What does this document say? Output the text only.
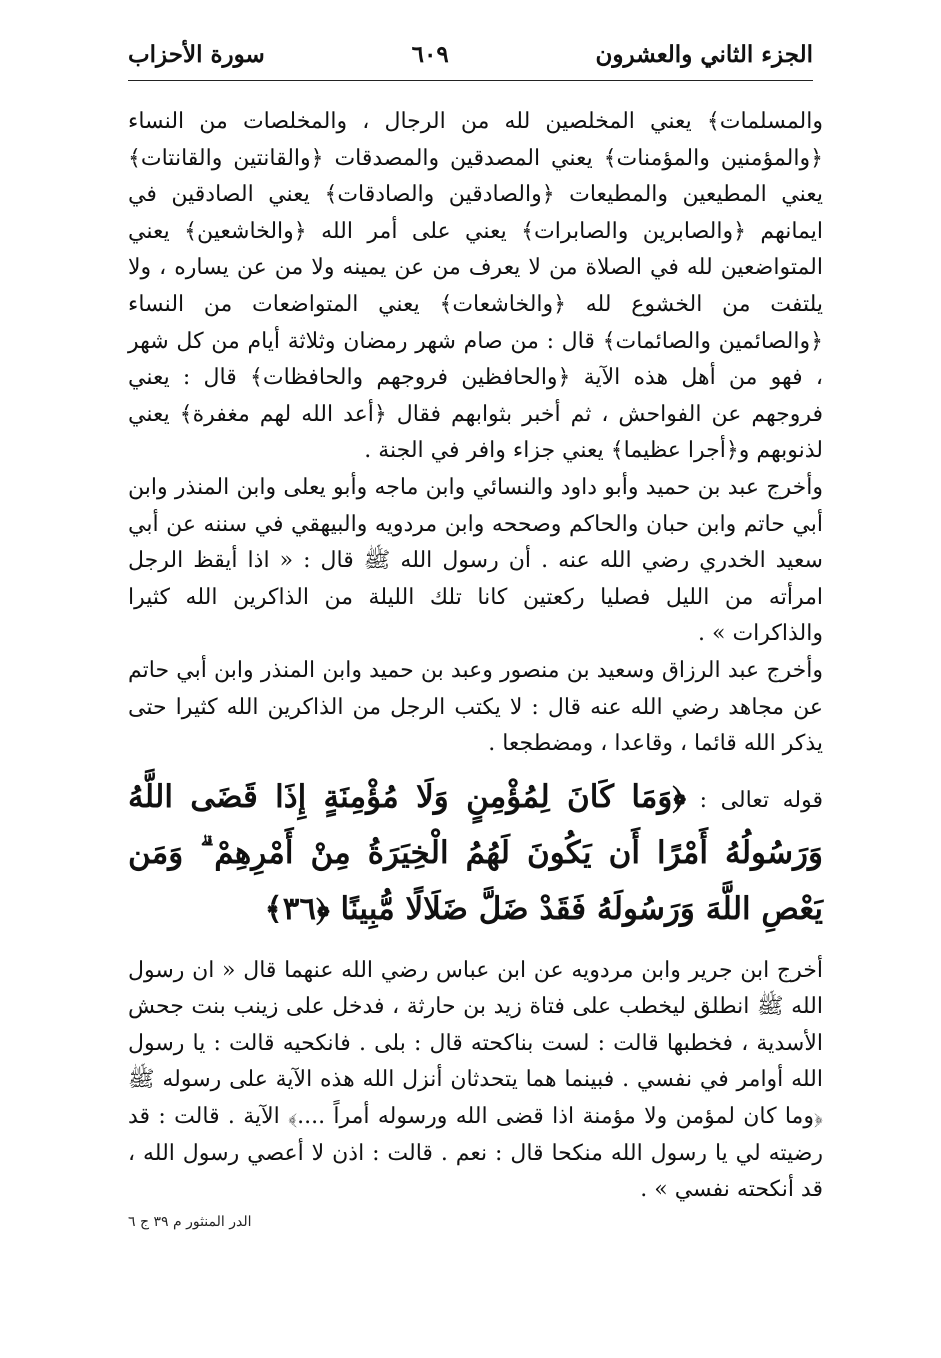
الجزء الثاني والعشرون
٦٠٩
سورة الأحزاب

والمسلمات﴾ يعني المخلصين لله من الرجال ، والمخلصات من النساء ﴿والمؤمنين والمؤمنات﴾ يعني المصدقين والمصدقات ﴿والقانتين والقانتات﴾ يعني المطيعين والمطيعات ﴿والصادقين والصادقات﴾ يعني الصادقين في ايمانهم ﴿والصابرين والصابرات﴾ يعني على أمر الله ﴿والخاشعين﴾ يعني المتواضعين لله في الصلاة من لا يعرف من عن يمينه ولا من عن يساره ، ولا يلتفت من الخشوع لله ﴿والخاشعات﴾ يعني المتواضعات من النساء ﴿والصائمين والصائمات﴾ قال : من صام شهر رمضان وثلاثة أيام من كل شهر ، فهو من أهل هذه الآية ﴿والحافظين فروجهم والحافظات﴾ قال : يعني فروجهم عن الفواحش ، ثم أخبر بثوابهم فقال ﴿أعد الله لهم مغفرة﴾ يعني لذنوبهم و﴿أجرا عظيما﴾ يعني جزاء وافر في الجنة .

وأخرج عبد بن حميد وأبو داود والنسائي وابن ماجه وأبو يعلى وابن المنذر وابن أبي حاتم وابن حبان والحاكم وصححه وابن مردويه والبيهقي في سننه عن أبي سعيد الخدري رضي الله عنه . أن رسول الله ﷺ قال : « اذا أيقظ الرجل امرأته من الليل فصليا ركعتين كانا تلك الليلة من الذاكرين الله كثيرا والذاكرات » .

وأخرج عبد الرزاق وسعيد بن منصور وعبد بن حميد وابن المنذر وابن أبي حاتم عن مجاهد رضي الله عنه قال : لا يكتب الرجل من الذاكرين الله كثيرا حتى يذكر الله قائما ، وقاعدا ، ومضطجعا .

قوله تعالى : ﴿وَمَا كَانَ لِمُؤْمِنٍ وَلَا مُؤْمِنَةٍ إِذَا قَضَى اللَّهُ وَرَسُولُهُ أَمْرًا أَن يَكُونَ لَهُمُ الْخِيَرَةُ مِنْ أَمْرِهِمْ ۗ وَمَن يَعْصِ اللَّهَ وَرَسُولَهُ فَقَدْ ضَلَّ ضَلَالًا مُّبِينًا ﴿٣٦﴾

أخرج ابن جرير وابن مردويه عن ابن عباس رضي الله عنهما قال « ان رسول الله ﷺ انطلق ليخطب على فتاة زيد بن حارثة ، فدخل على زينب بنت جحش الأسدية ، فخطبها قالت : لست بناكحته قال : بلى . فانكحيه قالت : يا رسول الله أوامر في نفسي . فبينما هما يتحدثان أنزل الله هذه الآية على رسوله ﷺ ﴿وما كان لمؤمن ولا مؤمنة اذا قضى الله ورسوله أمراً ....﴾ الآية . قالت : قد رضيته لي يا رسول الله منكحا قال : نعم . قالت : اذن لا أعصي رسول الله ، قد أنكحته نفسي » .

الدر المنثور م ٣٩ ج ٦
